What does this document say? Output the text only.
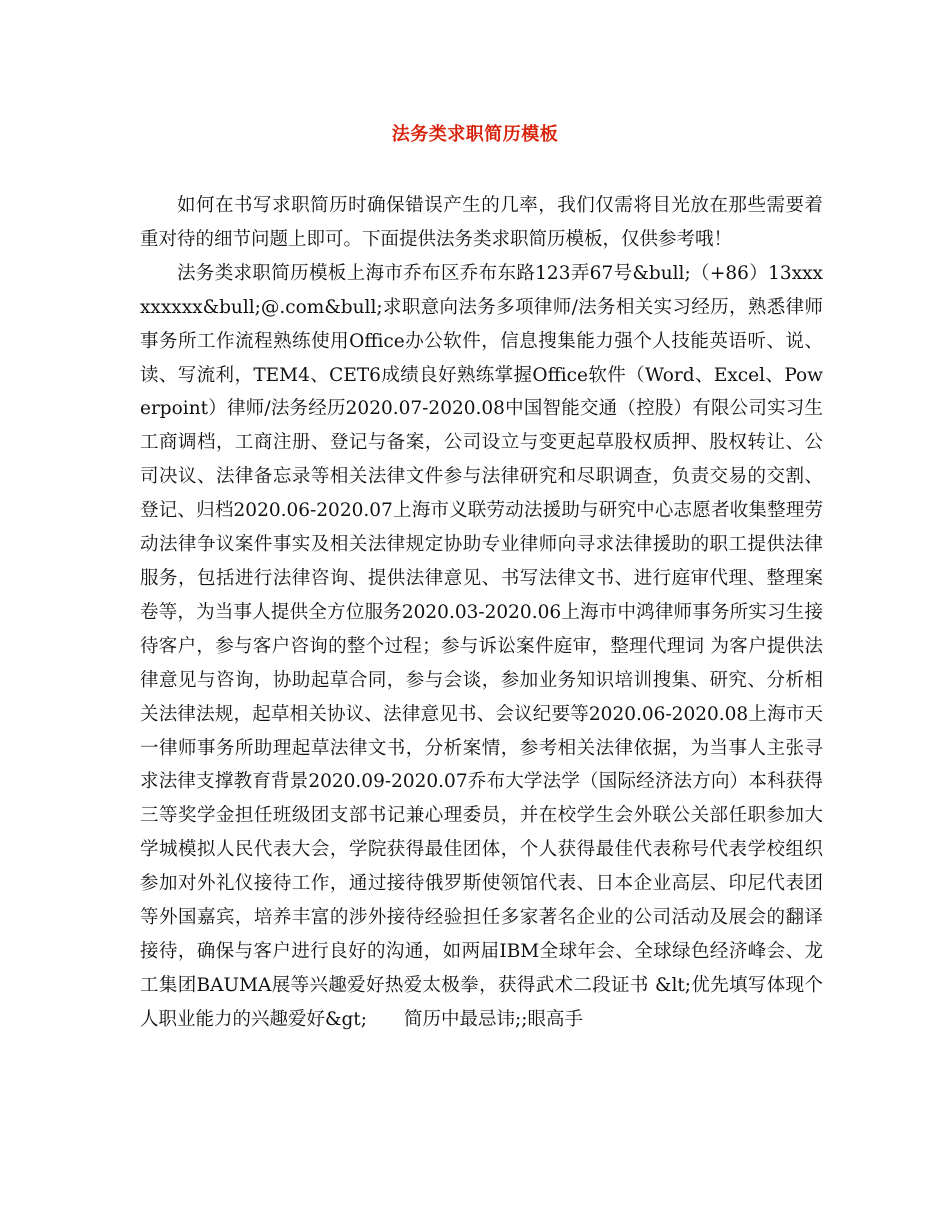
法务类求职简历模板

如何在书写求职简历时确保错误产生的几率，我们仅需将目光放在那些需要着重对待的细节问题上即可。下面提供法务类求职简历模板，仅供参考哦！

法务类求职简历模板上海市乔布区乔布东路123弄67号&bull;（+86）13xxxxxxxxx&bull;@.com&bull;求职意向法务多项律师/法务相关实习经历，熟悉律师事务所工作流程熟练使用Office办公软件，信息搜集能力强个人技能英语听、说、读、写流利，TEM4、CET6成绩良好熟练掌握Office软件（Word、Excel、Powerpoint）律师/法务经历2020.07-2020.08中国智能交通（控股）有限公司实习生工商调档，工商注册、登记与备案，公司设立与变更起草股权质押、股权转让、公司决议、法律备忘录等相关法律文件参与法律研究和尽职调查，负责交易的交割、登记、归档2020.06-2020.07上海市义联劳动法援助与研究中心志愿者收集整理劳动法律争议案件事实及相关法律规定协助专业律师向寻求法律援助的职工提供法律服务，包括进行法律咨询、提供法律意见、书写法律文书、进行庭审代理、整理案卷等，为当事人提供全方位服务2020.03-2020.06上海市中鸿律师事务所实习生接待客户，参与客户咨询的整个过程；参与诉讼案件庭审，整理代理词 为客户提供法律意见与咨询，协助起草合同，参与会谈，参加业务知识培训搜集、研究、分析相关法律法规，起草相关协议、法律意见书、会议纪要等2020.06-2020.08上海市天一律师事务所助理起草法律文书，分析案情，参考相关法律依据，为当事人主张寻求法律支撑教育背景2020.09-2020.07乔布大学法学（国际经济法方向）本科获得三等奖学金担任班级团支部书记兼心理委员，并在校学生会外联公关部任职参加大学城模拟人民代表大会，学院获得最佳团体，个人获得最佳代表称号代表学校组织参加对外礼仪接待工作，通过接待俄罗斯使领馆代表、日本企业高层、印尼代表团等外国嘉宾，培养丰富的涉外接待经验担任多家著名企业的公司活动及展会的翻译接待，确保与客户进行良好的沟通，如两届IBM全球年会、全球绿色经济峰会、龙工集团BAUMA展等兴趣爱好热爱太极拳，获得武术二段证书 &lt;优先填写体现个人职业能力的兴趣爱好&gt;　　简历中最忌讳;;眼高手
